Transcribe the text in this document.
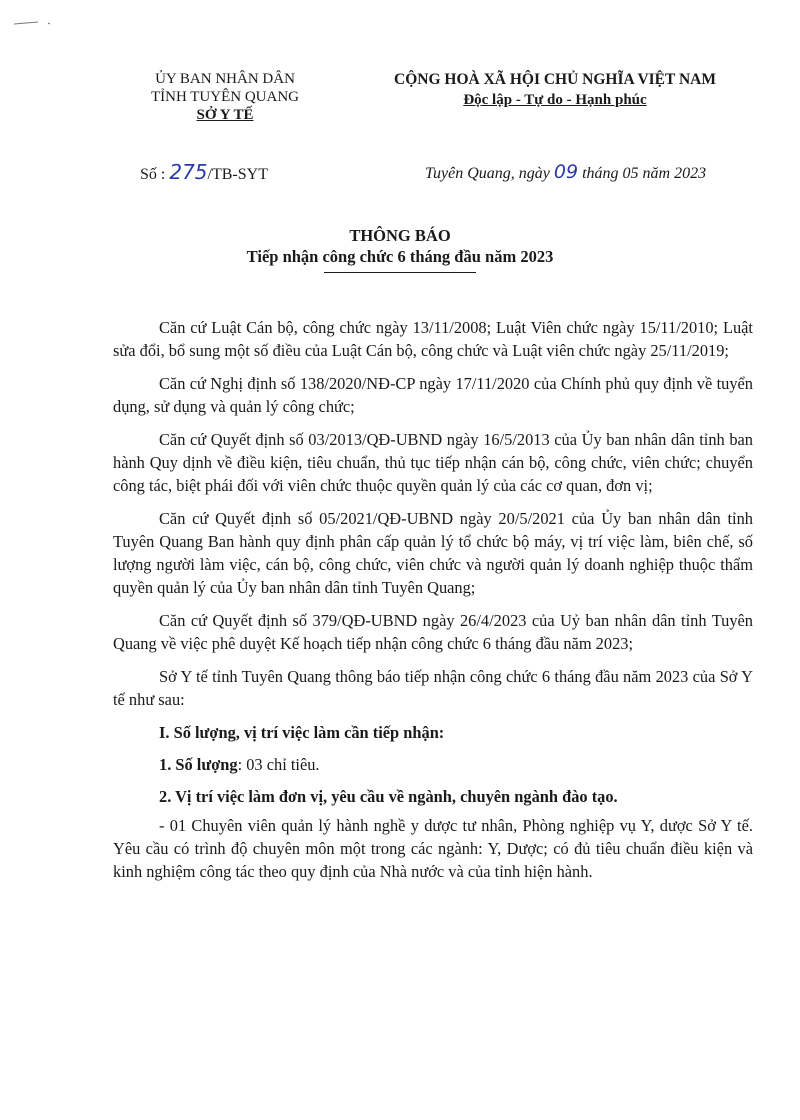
ỦY BAN NHÂN DÂN
TỈNH TUYÊN QUANG
SỞ Y TẾ
CỘNG HOÀ XÃ HỘI CHỦ NGHĨA VIỆT NAM
Độc lập - Tự do - Hạnh phúc
Số : 275/TB-SYT	Tuyên Quang, ngày 09 tháng 05 năm 2023
THÔNG BÁO
Tiếp nhận công chức 6 tháng đầu năm 2023

Căn cứ Luật Cán bộ, công chức ngày 13/11/2008; Luật Viên chức ngày 15/11/2010; Luật sửa đổi, bổ sung một số điều của Luật Cán bộ, công chức và Luật viên chức ngày 25/11/2019;

Căn cứ Nghị định số 138/2020/NĐ-CP ngày 17/11/2020 của Chính phủ quy định về tuyển dụng, sử dụng và quản lý công chức;

Căn cứ Quyết định số 03/2013/QĐ-UBND ngày 16/5/2013 của Ủy ban nhân dân tỉnh ban hành Quy dịnh về điều kiện, tiêu chuẩn, thủ tục tiếp nhận cán bộ, công chức, viên chức; chuyển công tác, biệt phái đối với viên chức thuộc quyền quản lý của các cơ quan, đơn vị;

Căn cứ Quyết định số 05/2021/QĐ-UBND ngày 20/5/2021 của Ủy ban nhân dân tỉnh Tuyên Quang Ban hành quy định phân cấp quản lý tổ chức bộ máy, vị trí việc làm, biên chế, số lượng người làm việc, cán bộ, công chức, viên chức và người quản lý doanh nghiệp thuộc thẩm quyền quản lý của Ủy ban nhân dân tỉnh Tuyên Quang;

Căn cứ Quyết định số 379/QĐ-UBND ngày 26/4/2023 của Uỷ ban nhân dân tỉnh Tuyên Quang về việc phê duyệt Kế hoạch tiếp nhận công chức 6 tháng đầu năm 2023;

Sở Y tế tỉnh Tuyên Quang thông báo tiếp nhận công chức 6 tháng đầu năm 2023 của Sở Y tế như sau:

I. Số lượng, vị trí việc làm cần tiếp nhận:

1. Số lượng: 03 chỉ tiêu.

2. Vị trí việc làm đơn vị, yêu cầu về ngành, chuyên ngành đào tạo.

- 01 Chuyên viên quản lý hành nghề y dược tư nhân, Phòng nghiệp vụ Y, dược Sở Y tế. Yêu cầu có trình độ chuyên môn một trong các ngành: Y, Dược; có đủ tiêu chuẩn điều kiện và kinh nghiệm công tác theo quy định của Nhà nước và của tỉnh hiện hành.
